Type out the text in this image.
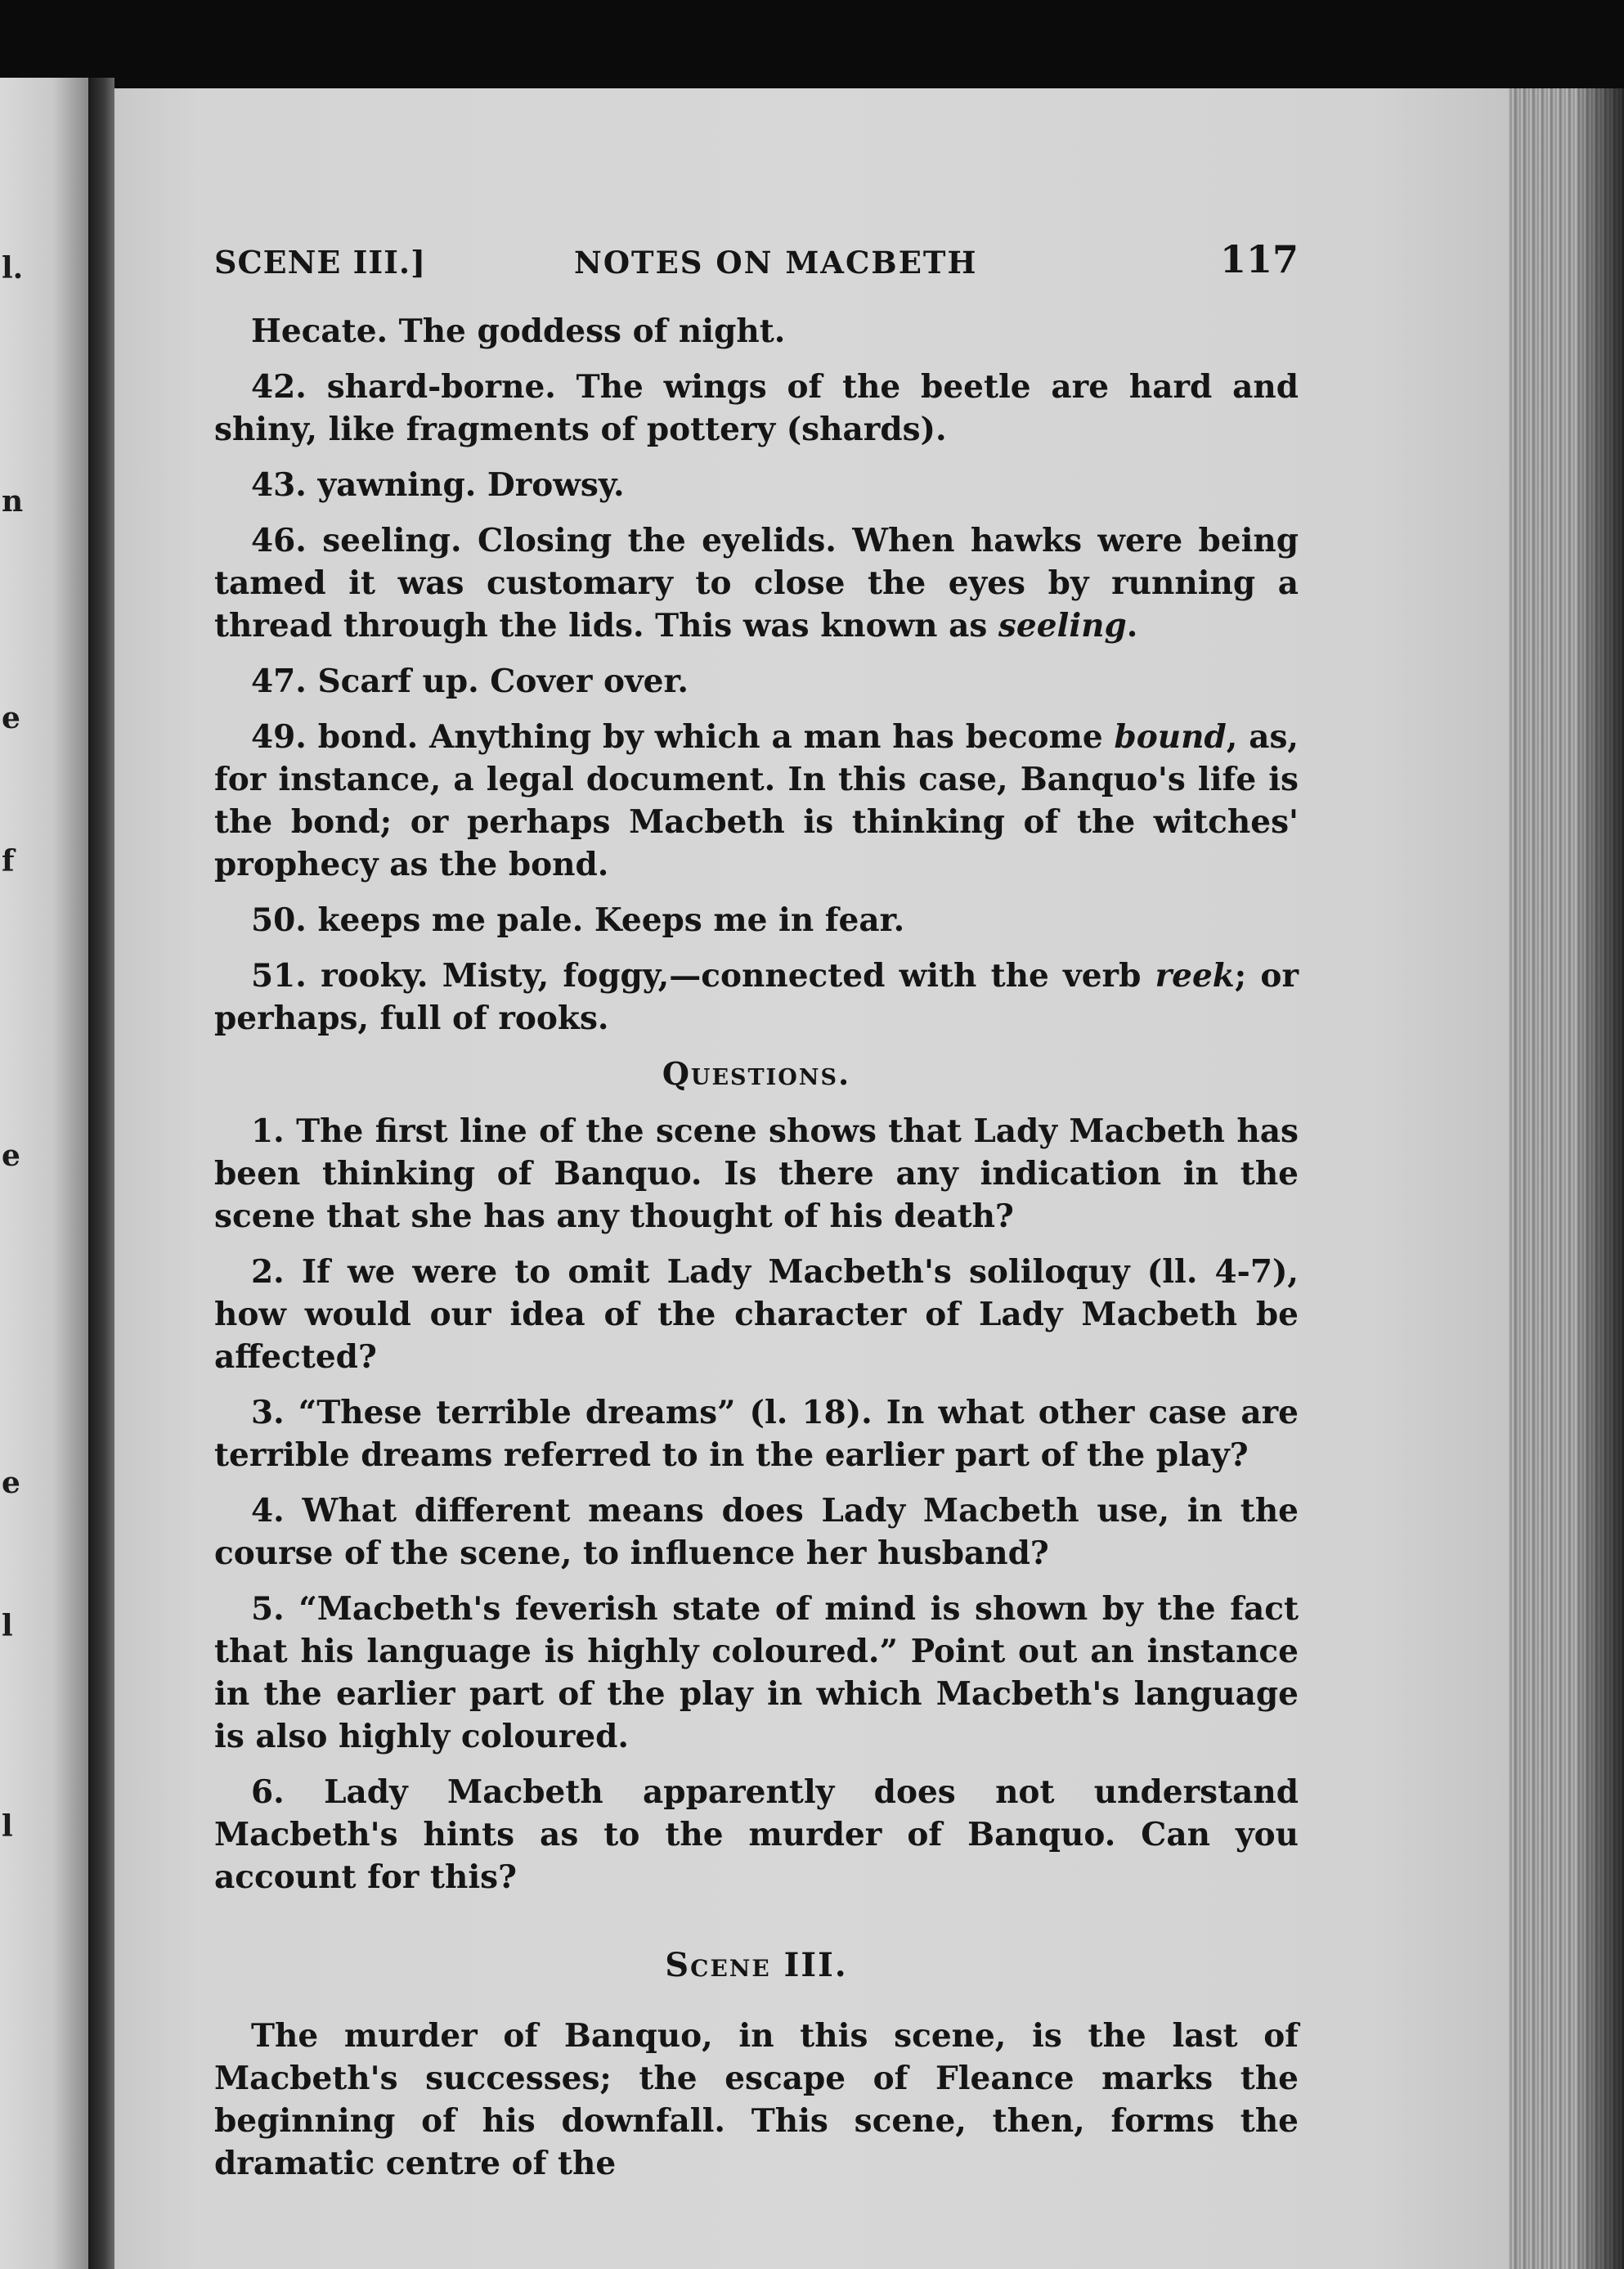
l.
n
e
f
e
e
l
l
SCENE III.]	NOTES ON MACBETH	117

Hecate. The goddess of night.

42. shard-borne. The wings of the beetle are hard and shiny, like fragments of pottery (shards).

43. yawning. Drowsy.

46. seeling. Closing the eyelids. When hawks were being tamed it was customary to close the eyes by running a thread through the lids. This was known as seeling.

47. Scarf up. Cover over.

49. bond. Anything by which a man has become bound, as, for instance, a legal document. In this case, Banquo's life is the bond; or perhaps Macbeth is thinking of the witches' prophecy as the bond.

50. keeps me pale. Keeps me in fear.

51. rooky. Misty, foggy,—connected with the verb reek; or perhaps, full of rooks.

Questions.

1. The first line of the scene shows that Lady Macbeth has been thinking of Banquo. Is there any indication in the scene that she has any thought of his death?

2. If we were to omit Lady Macbeth's soliloquy (ll. 4-7), how would our idea of the character of Lady Macbeth be affected?

3. “These terrible dreams” (l. 18). In what other case are terrible dreams referred to in the earlier part of the play?

4. What different means does Lady Macbeth use, in the course of the scene, to influence her husband?

5. “Macbeth's feverish state of mind is shown by the fact that his language is highly coloured.” Point out an instance in the earlier part of the play in which Macbeth's language is also highly coloured.

6. Lady Macbeth apparently does not understand Macbeth's hints as to the murder of Banquo. Can you account for this?

Scene III.

The murder of Banquo, in this scene, is the last of Macbeth's successes; the escape of Fleance marks the beginning of his downfall. This scene, then, forms the dramatic centre of the
